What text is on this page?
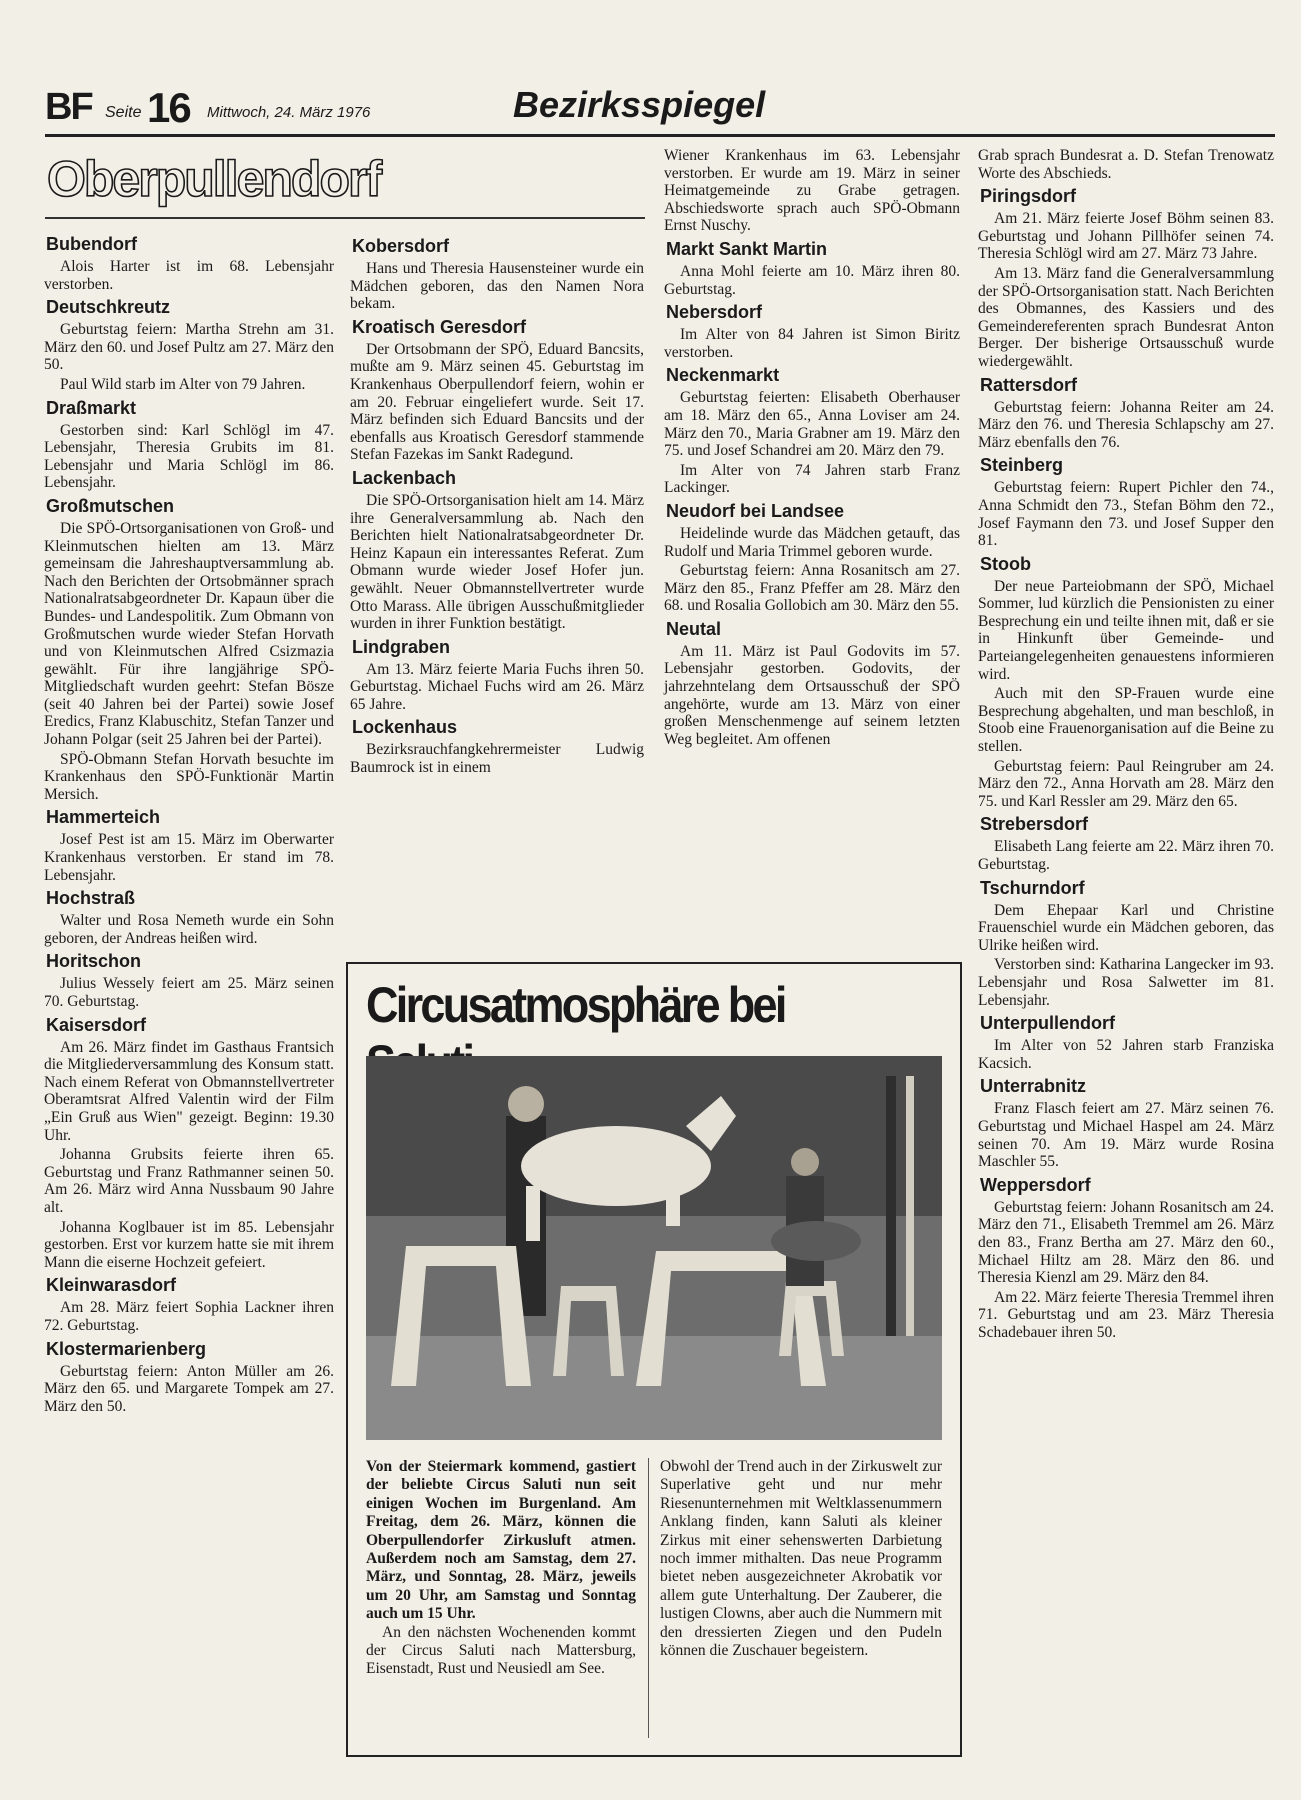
BF Seite 16 Mittwoch, 24. März 1976	Bezirksspiegel
Oberpullendorf
Bubendorf

Alois Harter ist im 68. Lebensjahr verstorben.

Deutschkreutz

Geburtstag feiern: Martha Strehn am 31. März den 60. und Josef Pultz am 27. März den 50.

Paul Wild starb im Alter von 79 Jahren.

Draßmarkt

Gestorben sind: Karl Schlögl im 47. Lebensjahr, Theresia Grubits im 81. Lebensjahr und Maria Schlögl im 86. Lebensjahr.

Großmutschen

Die SPÖ-Ortsorganisationen von Groß- und Kleinmutschen hielten am 13. März gemeinsam die Jahreshauptversammlung ab. Nach den Berichten der Ortsobmänner sprach Nationalratsabgeordneter Dr. Kapaun über die Bundes- und Landespolitik. Zum Obmann von Großmutschen wurde wieder Stefan Horvath und von Kleinmutschen Alfred Csizmazia gewählt. Für ihre langjährige SPÖ-Mitgliedschaft wurden geehrt: Stefan Bösze (seit 40 Jahren bei der Partei) sowie Josef Eredics, Franz Klabuschitz, Stefan Tanzer und Johann Polgar (seit 25 Jahren bei der Partei).

SPÖ-Obmann Stefan Horvath besuchte im Krankenhaus den SPÖ-Funktionär Martin Mersich.

Hammerteich

Josef Pest ist am 15. März im Oberwarter Krankenhaus verstorben. Er stand im 78. Lebensjahr.

Hochstraß

Walter und Rosa Nemeth wurde ein Sohn geboren, der Andreas heißen wird.

Horitschon

Julius Wessely feiert am 25. März seinen 70. Geburtstag.

Kaisersdorf

Am 26. März findet im Gasthaus Frantsich die Mitgliederversammlung des Konsum statt. Nach einem Referat von Obmannstellvertreter Oberamtsrat Alfred Valentin wird der Film „Ein Gruß aus Wien" gezeigt. Beginn: 19.30 Uhr.

Johanna Grubsits feierte ihren 65. Geburtstag und Franz Rathmanner seinen 50. Am 26. März wird Anna Nussbaum 90 Jahre alt.

Johanna Koglbauer ist im 85. Lebensjahr gestorben. Erst vor kurzem hatte sie mit ihrem Mann die eiserne Hochzeit gefeiert.

Kleinwarasdorf

Am 28. März feiert Sophia Lackner ihren 72. Geburtstag.

Klostermarienberg

Geburtstag feiern: Anton Müller am 26. März den 65. und Margarete Tompek am 27. März den 50.

Kobersdorf

Hans und Theresia Hausensteiner wurde ein Mädchen geboren, das den Namen Nora bekam.

Kroatisch Geresdorf

Der Ortsobmann der SPÖ, Eduard Bancsits, mußte am 9. März seinen 45. Geburtstag im Krankenhaus Oberpullendorf feiern, wohin er am 20. Februar eingeliefert wurde. Seit 17. März befinden sich Eduard Bancsits und der ebenfalls aus Kroatisch Geresdorf stammende Stefan Fazekas im Sankt Radegund.

Lackenbach

Die SPÖ-Ortsorganisation hielt am 14. März ihre Generalversammlung ab. Nach den Berichten hielt Nationalratsabgeordneter Dr. Heinz Kapaun ein interessantes Referat. Zum Obmann wurde wieder Josef Hofer jun. gewählt. Neuer Obmannstellvertreter wurde Otto Marass. Alle übrigen Ausschußmitglieder wurden in ihrer Funktion bestätigt.

Lindgraben

Am 13. März feierte Maria Fuchs ihren 50. Geburtstag. Michael Fuchs wird am 26. März 65 Jahre.

Lockenhaus

Bezirksrauchfangkehrermeister Ludwig Baumrock ist in einem

Wiener Krankenhaus im 63. Lebensjahr verstorben. Er wurde am 19. März in seiner Heimatgemeinde zu Grabe getragen. Abschiedsworte sprach auch SPÖ-Obmann Ernst Nuschy.

Markt Sankt Martin

Anna Mohl feierte am 10. März ihren 80. Geburtstag.

Nebersdorf

Im Alter von 84 Jahren ist Simon Biritz verstorben.

Neckenmarkt

Geburtstag feierten: Elisabeth Oberhauser am 18. März den 65., Anna Loviser am 24. März den 70., Maria Grabner am 19. März den 75. und Josef Schandrei am 20. März den 79.

Im Alter von 74 Jahren starb Franz Lackinger.

Neudorf bei Landsee

Heidelinde wurde das Mädchen getauft, das Rudolf und Maria Trimmel geboren wurde.

Geburtstag feiern: Anna Rosanitsch am 27. März den 85., Franz Pfeffer am 28. März den 68. und Rosalia Gollobich am 30. März den 55.

Neutal

Am 11. März ist Paul Godovits im 57. Lebensjahr gestorben. Godovits, der jahrzehntelang dem Ortsausschuß der SPÖ angehörte, wurde am 13. März von einer großen Menschenmenge auf seinem letzten Weg begleitet. Am offenen

Grab sprach Bundesrat a. D. Stefan Trenowatz Worte des Abschieds.

Piringsdorf

Am 21. März feierte Josef Böhm seinen 83. Geburtstag und Johann Pillhöfer seinen 74. Theresia Schlögl wird am 27. März 73 Jahre.

Am 13. März fand die Generalversammlung der SPÖ-Ortsorganisation statt. Nach Berichten des Obmannes, des Kassiers und des Gemeindereferenten sprach Bundesrat Anton Berger. Der bisherige Ortsausschuß wurde wiedergewählt.

Rattersdorf

Geburtstag feiern: Johanna Reiter am 24. März den 76. und Theresia Schlapschy am 27. März ebenfalls den 76.

Steinberg

Geburtstag feiern: Rupert Pichler den 74., Anna Schmidt den 73., Stefan Böhm den 72., Josef Faymann den 73. und Josef Supper den 81.

Stoob

Der neue Parteiobmann der SPÖ, Michael Sommer, lud kürzlich die Pensionisten zu einer Besprechung ein und teilte ihnen mit, daß er sie in Hinkunft über Gemeinde- und Parteiangelegenheiten genauestens informieren wird.

Auch mit den SP-Frauen wurde eine Besprechung abgehalten, und man beschloß, in Stoob eine Frauenorganisation auf die Beine zu stellen.

Geburtstag feiern: Paul Reingruber am 24. März den 72., Anna Horvath am 28. März den 75. und Karl Ressler am 29. März den 65.

Strebersdorf

Elisabeth Lang feierte am 22. März ihren 70. Geburtstag.

Tschurndorf

Dem Ehepaar Karl und Christine Frauenschiel wurde ein Mädchen geboren, das Ulrike heißen wird.

Verstorben sind: Katharina Langecker im 93. Lebensjahr und Rosa Salwetter im 81. Lebensjahr.

Unterpullendorf

Im Alter von 52 Jahren starb Franziska Kacsich.

Unterrabnitz

Franz Flasch feiert am 27. März seinen 76. Geburtstag und Michael Haspel am 24. März seinen 70. Am 19. März wurde Rosina Maschler 55.

Weppersdorf

Geburtstag feiern: Johann Rosanitsch am 24. März den 71., Elisabeth Tremmel am 26. März den 83., Franz Bertha am 27. März den 60., Michael Hiltz am 28. März den 86. und Theresia Kienzl am 29. März den 84.

Am 22. März feierte Theresia Tremmel ihren 71. Geburtstag und am 23. März Theresia Schadebauer ihren 50.

Circusatmosphäre bei

Von der Steiermark kommend, gastiert der beliebte Circus Saluti nun seit einigen Wochen im Burgenland. Am Freitag, dem 26. März, können die Oberpullendorfer Zirkusluft atmen. Außerdem noch am Samstag, dem 27. März, und Sonntag, 28. März, jeweils um 20 Uhr, am Samstag und Sonntag auch um 15 Uhr.

An den nächsten Wochenenden kommt der Circus Saluti nach Mattersburg, Eisenstadt, Rust und Neusiedl am See.

Obwohl der Trend auch in der Zirkuswelt zur Superlative geht und nur mehr Riesenunternehmen mit Weltklassenummern Anklang finden, kann Saluti als kleiner Zirkus mit einer sehenswerten Darbietung noch immer mithalten. Das neue Programm bietet neben ausgezeichneter Akrobatik vor allem gute Unterhaltung. Der Zauberer, die lustigen Clowns, aber auch die Nummern mit den dressierten Ziegen und den Pudeln können die Zuschauer begeistern.
